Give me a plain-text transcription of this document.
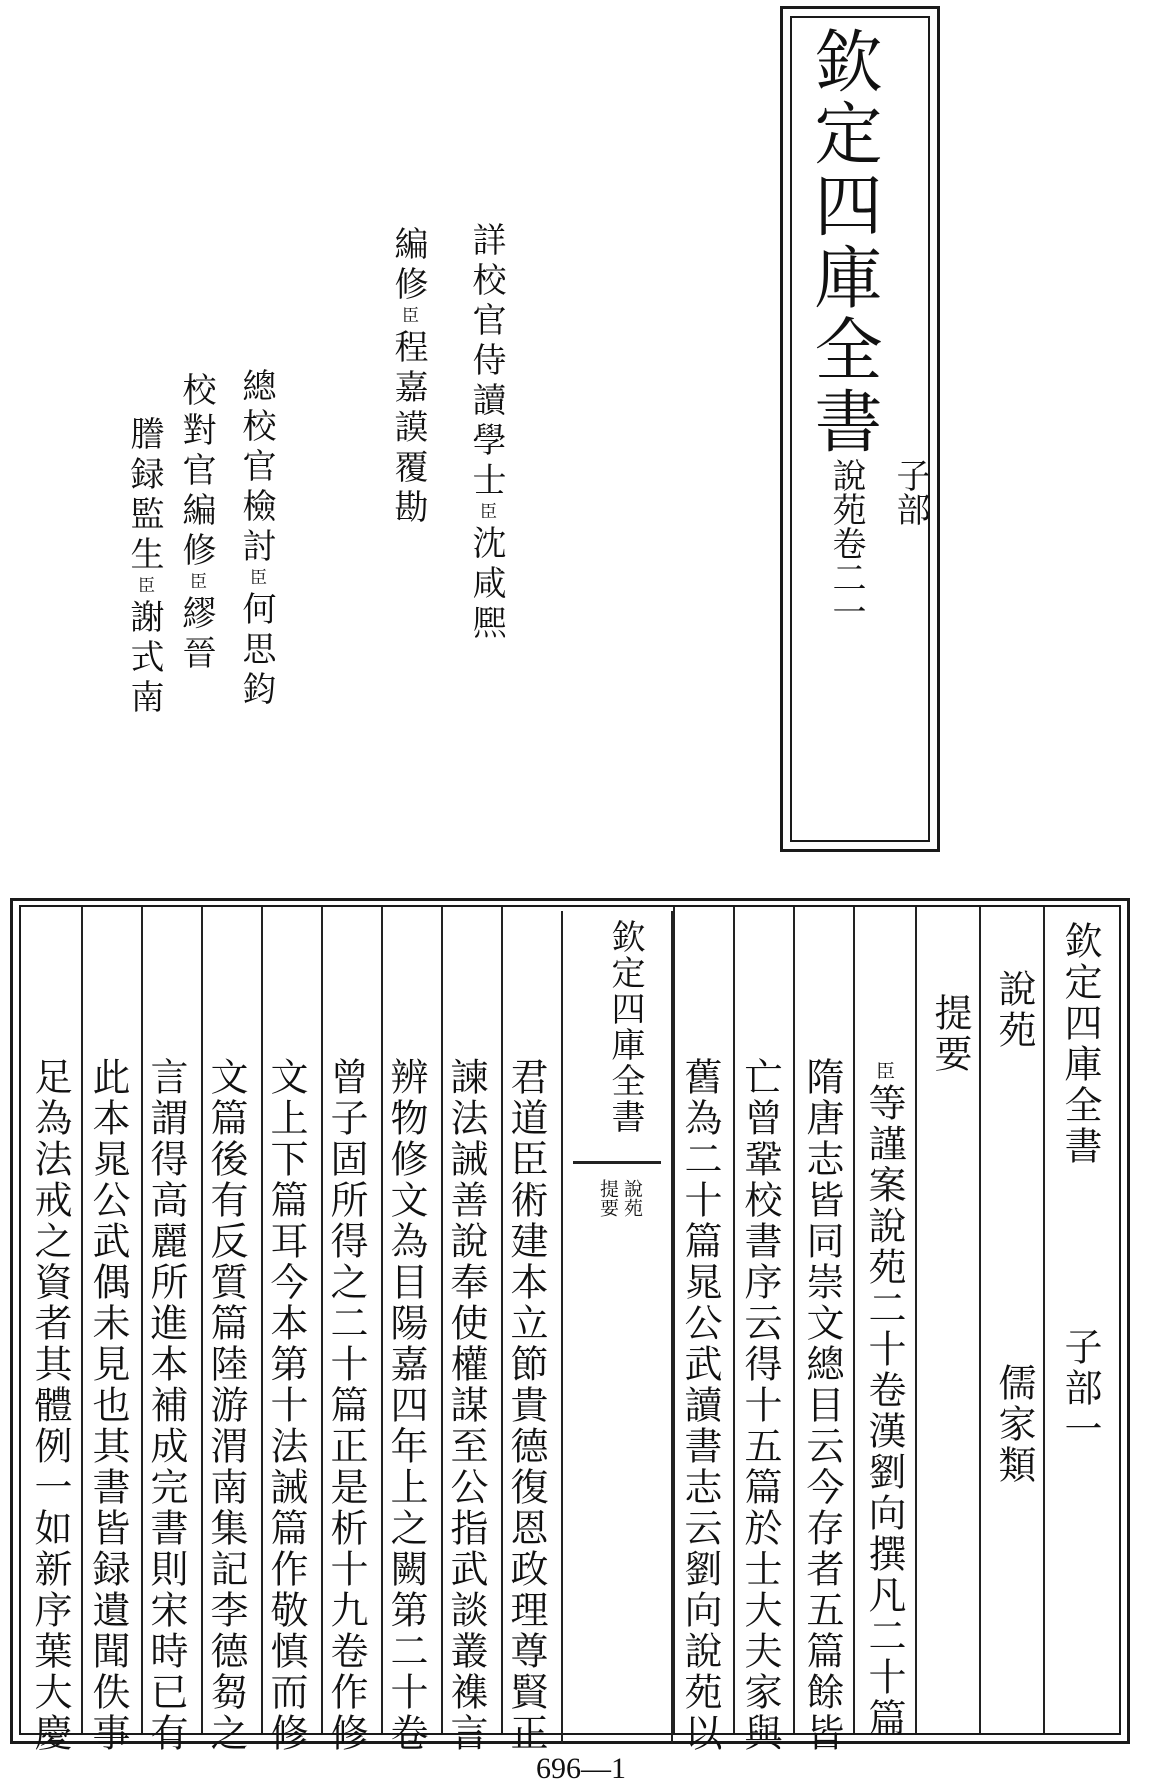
欽定四庫全書
子部
說苑卷二一
詳校官侍讀學士臣沈咸熈
編修臣程嘉謨覆勘
總校官檢討臣何思鈞
校對官編修臣繆晉
謄録監生臣謝式南
欽定四庫全書
子部一
說苑
儒家類
提要
欽定四庫全書
說苑
提要
臣等謹案說苑二十卷漢劉向撰凡二十篇
隋唐志皆同崇文總目云今存者五篇餘皆
亡曾鞏校書序云得十五篇於士大夫家與
舊為二十篇晁公武讀書志云劉向說苑以
君道臣術建本立節貴德復恩政理尊賢正
諫法誡善說奉使權謀至公指武談叢襍言
辨物修文為目陽嘉四年上之闕第二十卷
曾子固所得之二十篇正是析十九卷作修
文上下篇耳今本第十法誡篇作敬慎而修
文篇後有反質篇陸游渭南集記李德芻之
言謂得高麗所進本補成完書則宋時已有
此本晁公武偶未見也其書皆録遺聞佚事
足為法戒之資者其體例一如新序葉大慶
696—1
